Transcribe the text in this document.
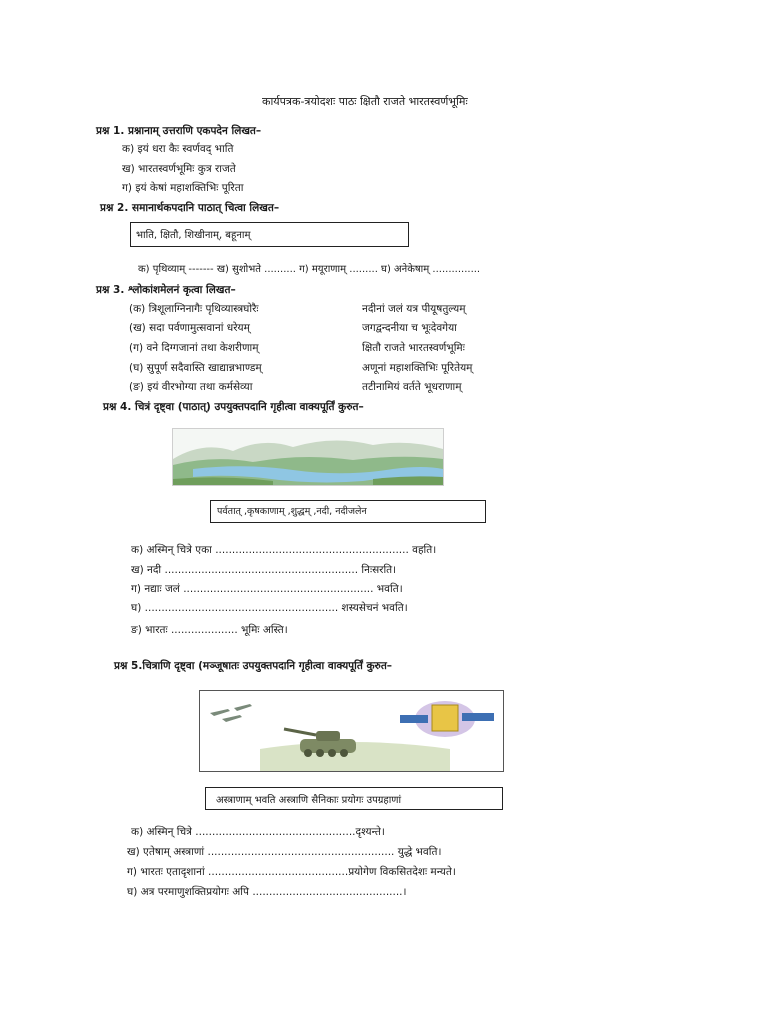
कार्यपत्रक-त्रयोदशः पाठः क्षितौ राजते भारतस्वर्णभूमिः
प्रश्न 1. प्रश्नानाम् उत्तराणि एकपदेन लिखत–
क) इयं धरा कैः स्वर्णवद् भाति
ख) भारतस्वर्णभूमिः कुत्र राजते
ग) इयं केषां महाशक्तिभिः पूरिता
प्रश्न 2. समानार्थकपदानि पाठात् चित्वा लिखत–
भाति, क्षितौ, शिखीनाम्, बहूनाम्
क) पृथिव्याम् ------- ख) सुशोभते .......... ग) मयूराणाम् ......... घ) अनेकेषाम् ...............
प्रश्न 3. श्लोकांशमेलनं कृत्वा लिखत–
(क) त्रिशूलाग्निनागैः पृथिव्यास्त्रघोरैः
(ख) सदा पर्वणामुत्सवानां धरेयम्
(ग) वने दिग्गजानां तथा केशरीणाम्
(घ) सुपूर्ण सदैवास्ति खाद्यान्नभाण्डम्
(ङ) इयं वीरभोग्या तथा कर्मसेव्या
नदीनां जलं यत्र पीयूषतुल्यम्
जगद्वन्दनीया च भूःदेवगेया
क्षितौ राजते भारतस्वर्णभूमिः
अणूनां महाशक्तिभिः पूरितेयम्
तटीनामियं वर्तते भूधराणाम्
प्रश्न 4. चित्रं दृष्ट्वा (पाठात्) उपयुक्तपदानि गृहीत्वा वाक्यपूर्तिं कुरुत–
पर्वतात् ,कृषकाणाम् ,शुद्धम् ,नदी, नदीजलेन
क) अस्मिन् चित्रे एका .......................................................... वहति।
ख) नदी .......................................................... निःसरति।
ग) नद्याः जलं ......................................................... भवति।
घ) .......................................................... शस्यसेचनं भवति।
ङ) भारतः .................... भूमिः अस्ति।
प्रश्न 5.चित्राणि दृष्ट्वा (मञ्जूषातः उपयुक्तपदानि गृहीत्वा वाक्यपूर्तिं कुरुत–
अस्त्राणाम् भवति अस्त्राणि सैनिकाः प्रयोगः उपग्रहाणां
क) अस्मिन् चित्रे ................................................दृश्यन्ते।
ख) एतेषाम् अस्त्राणां ........................................................ युद्धे भवति।
ग) भारतः एतादृशानां ..........................................प्रयोगेण विकसितदेशः मन्यते।
घ) अत्र परमाणुशक्तिप्रयोगः अपि .............................................।
